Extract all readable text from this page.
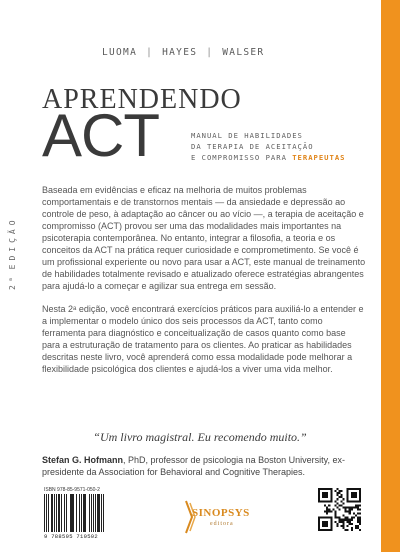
2$^a$ EDIÇÃO
LUOMA | HAYES | WALSER
APRENDENDO
ACT	MANUAL DE HABILIDADES
DA TERAPIA DE ACEITAÇÃO
E COMPROMISSO PARA TERAPEUTAS

Baseada em evidências e eficaz na melhoria de muitos problemas comportamentais e de transtornos mentais — da ansiedade e depressão ao controle de peso, à adaptação ao câncer ou ao vício —, a terapia de aceitação e compromisso (ACT) provou ser uma das modalidades mais importantes na psicoterapia contemporânea. No entanto, integrar a filosofia, a teoria e os conceitos da ACT na prática requer curiosidade e comprometimento. Se você é um profissional experiente ou novo para usar a ACT, este manual de treinamento de habilidades totalmente revisado e atualizado oferece estratégias abrangentes para ajudá-lo a começar e agilizar sua entrega em sessão.

Nesta 2$^a$ edição, você encontrará exercícios práticos para auxiliá-lo a entender e a implementar o modelo único dos seis processos da ACT, tanto como ferramenta para diagnóstico e conceitualização de casos quanto como base para a estruturação de tratamento para os clientes. Ao praticar as habilidades descritas neste livro, você aprenderá como essa modalidade pode melhorar a flexibilidade psicológica dos clientes e ajudá-los a viver uma vida melhor.

“Um livro magistral. Eu recomendo muito.”
Stefan G. Hofmann, PhD, professor de psicologia na Boston University, ex-presidente da Association for Behavioral and Cognitive Therapies.
ISBN 978-85-9571-050-2
9 788595 710502
SINOPSYS
editora
